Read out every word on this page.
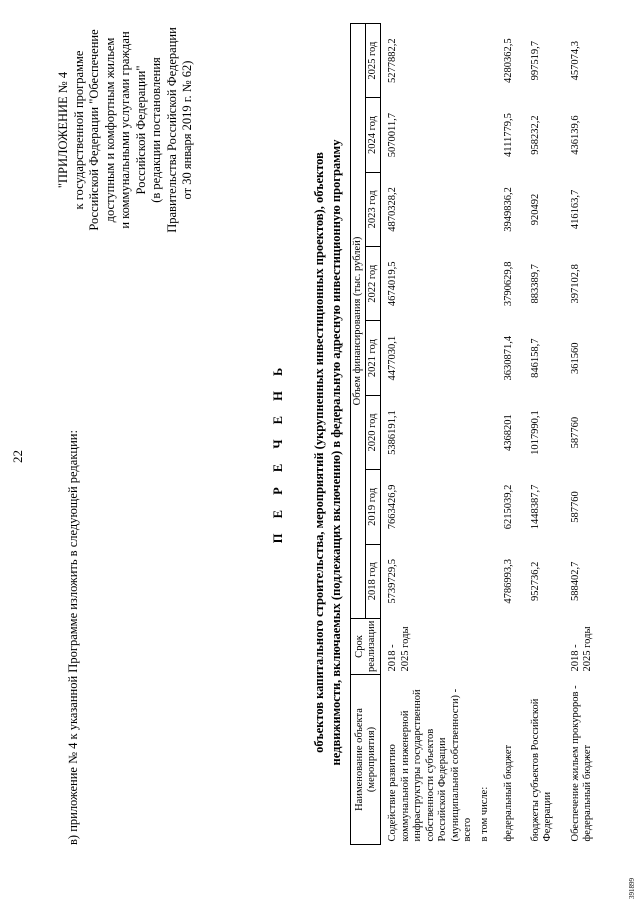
22	в) приложение № 4 к указанной Программе изложить в следующей редакции:
"ПРИЛОЖЕНИЕ № 4 к государственной программе Российской Федерации "Обеспечение доступным и комфортным жильем и коммунальными услугами граждан Российской Федерации" (в редакции постановления Правительства Российской Федерации от 30 января 2019 г. № 62)
П Е Р Е Ч Е Н Ь объектов капитального строительства, мероприятий (укрупненных инвестиционных проектов), объектов недвижимости, включаемых (подлежащих включению) в федеральную адресную инвестиционную программу Наименование объекта (мероприятия)	Срок реализации	Объем финансирования (тыс. рублей)							
		2018 год	2019 год	2020 год	2021 год	2022 год	2023 год	2024 год	2025 год
Содействие развитию коммунальной и инженерной инфраструктуры государственной собственности субъектов Российской Федерации (муниципальной собственности) - всего	2018 - 2025 годы	5739729,5	7663426,9	5386191,1	4477030,1	4674019,5	4870328,2	5070011,7	5277882,2
в том числе:									
федеральный бюджет		4786993,3	6215039,2	4368201	3630871,4	3790629,8	3949836,2	4111779,5	4280362,5
бюджеты субъектов Российской Федерации		952736,2	1448387,7	1017990,1	846158,7	883389,7	920492	958232,2	997519,7
Обеспечение жильем прокуроров - федеральный бюджет	2018 - 2025 годы	588402,7	587760	587760	361560	397102,8	416163,7	436139,6	457074,3
391899
